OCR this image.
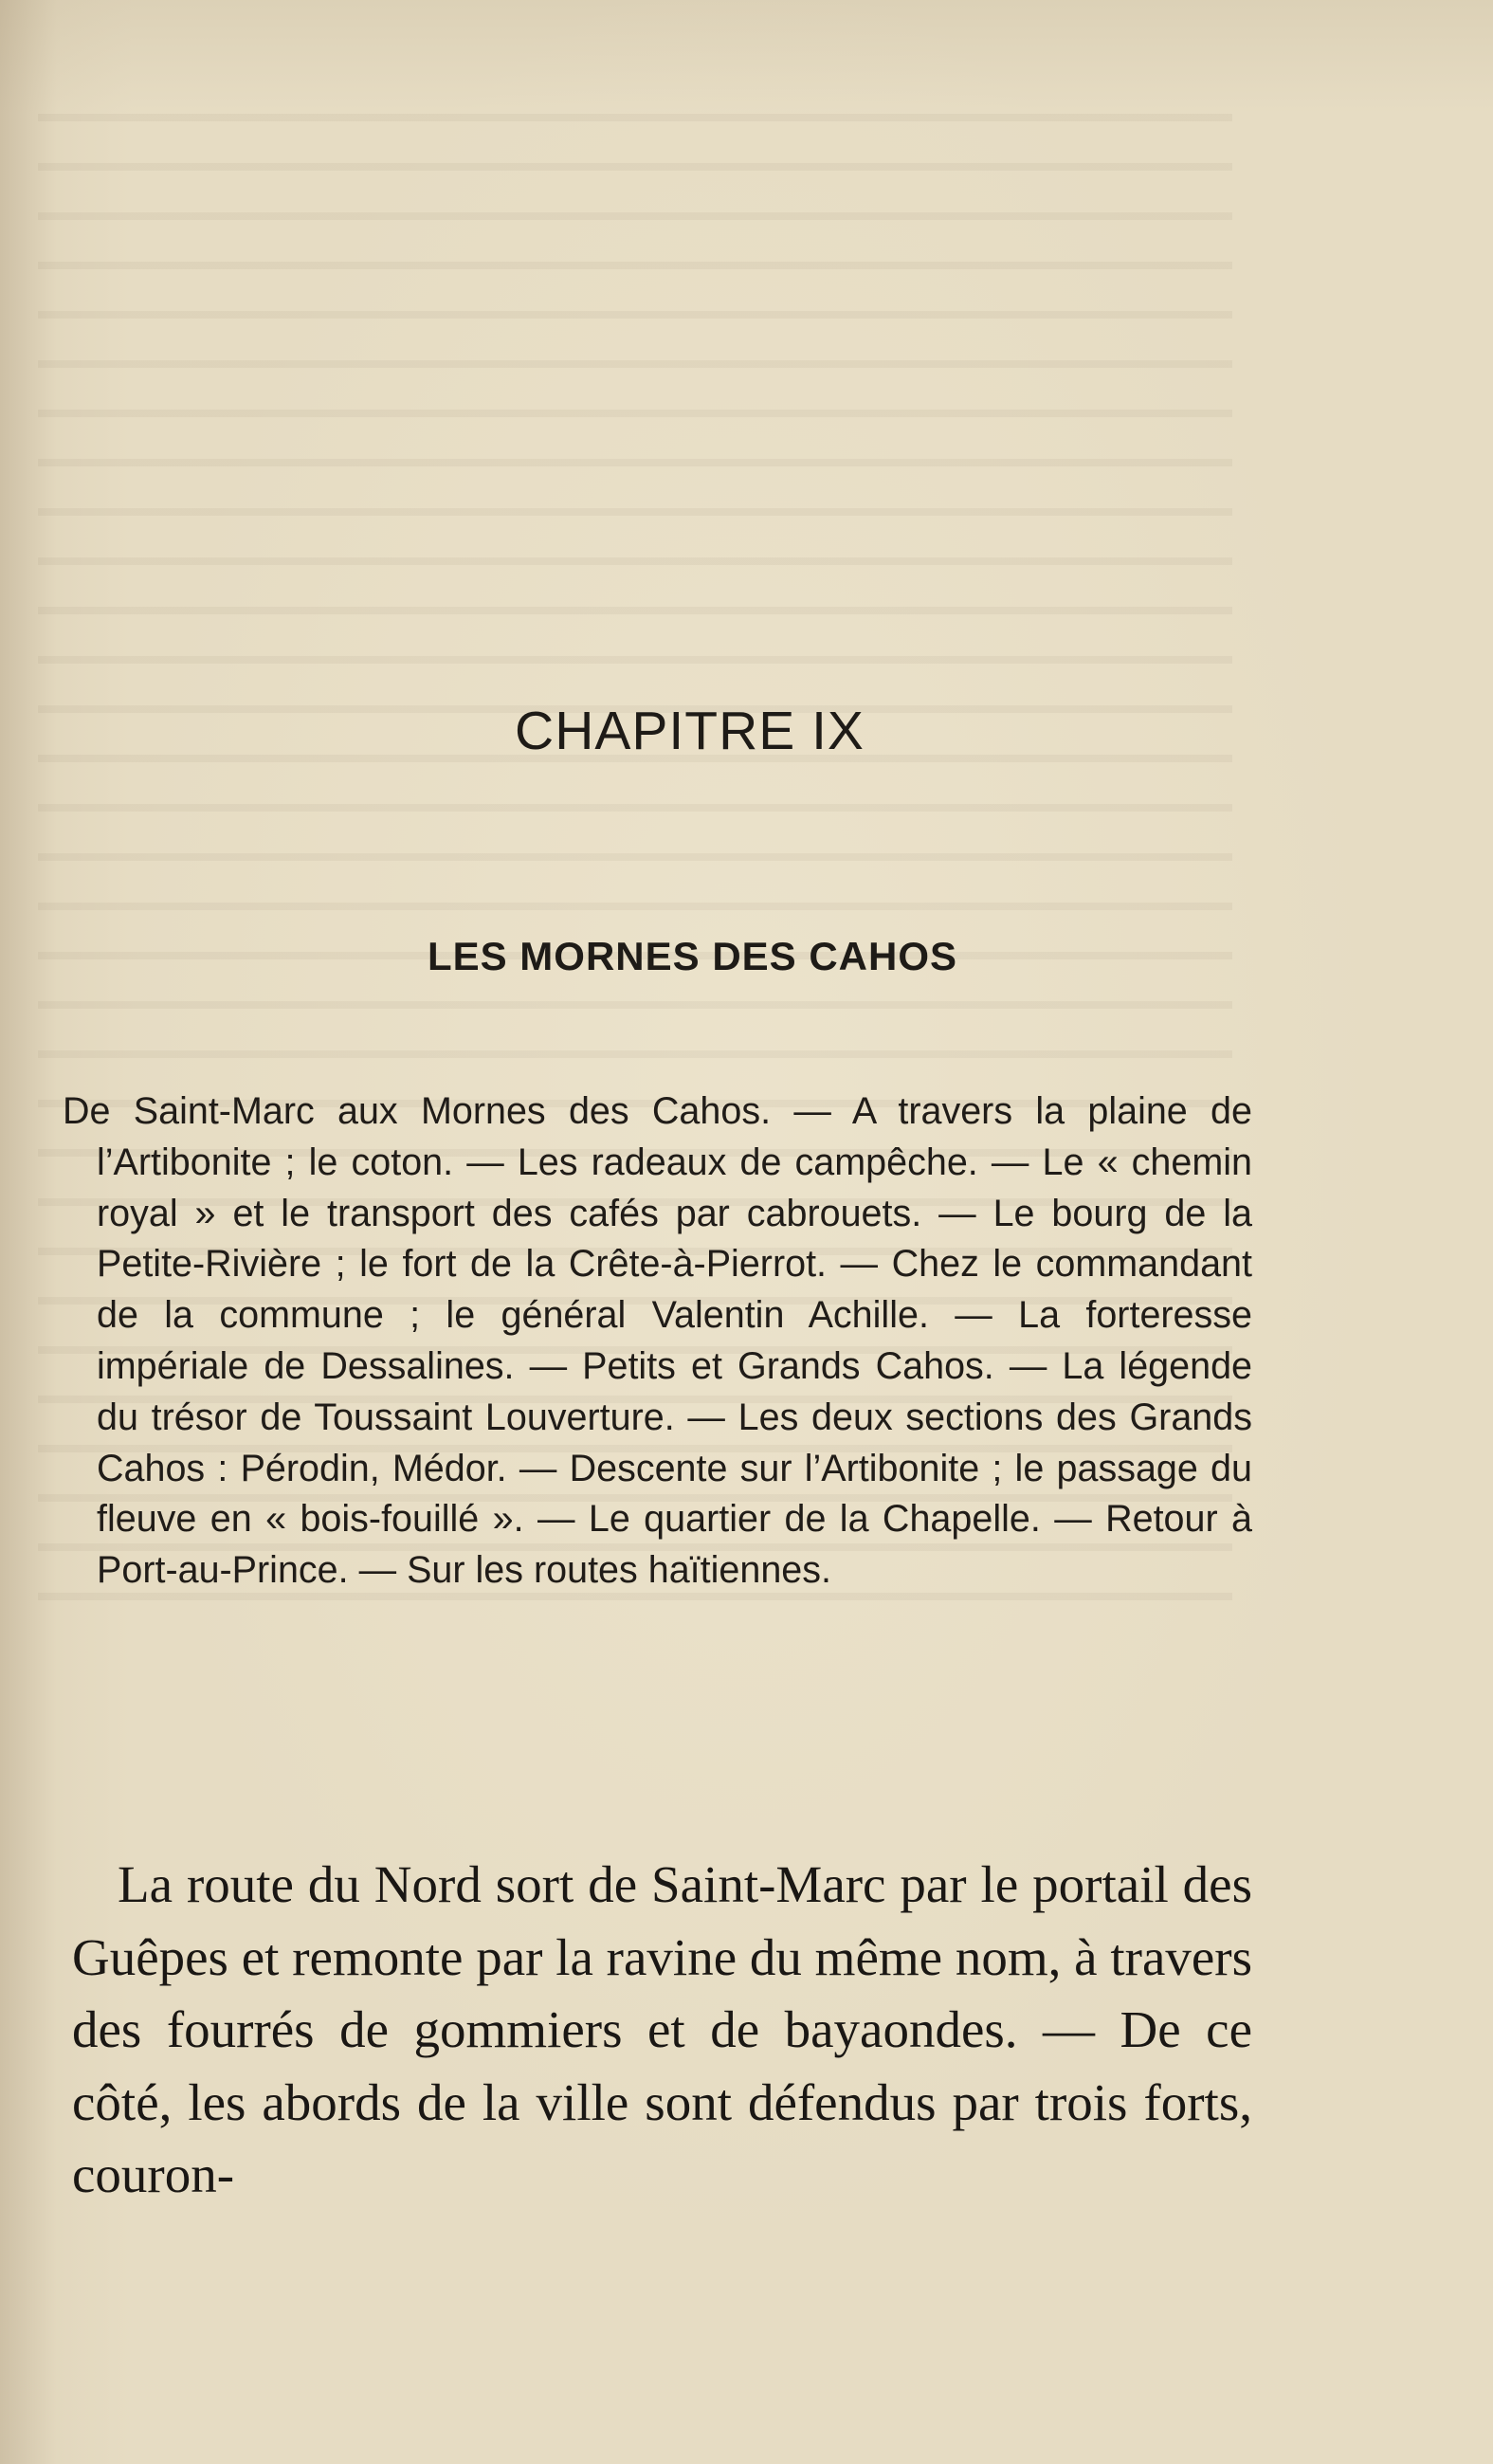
CHAPITRE IX
LES MORNES DES CAHOS

De Saint-Marc aux Mornes des Cahos. — A travers la plaine de l’Artibonite ; le coton. — Les radeaux de campêche. — Le « chemin royal » et le transport des cafés par cabrouets. — Le bourg de la Petite-Rivière ; le fort de la Crête-à-Pierrot. — Chez le commandant de la commune ; le général Valentin Achille. — La forteresse impériale de Dessalines. — Petits et Grands Cahos. — La légende du trésor de Toussaint Louverture. — Les deux sections des Grands Cahos : Pérodin, Médor. — Descente sur l’Artibonite ; le passage du fleuve en « bois-fouillé ». — Le quartier de la Chapelle. — Retour à Port-au-Prince. — Sur les routes haïtiennes.

La route du Nord sort de Saint-Marc par le portail des Guêpes et remonte par la ravine du même nom, à travers des fourrés de gommiers et de bayaondes. — De ce côté, les abords de la ville sont défendus par trois forts, couron-
